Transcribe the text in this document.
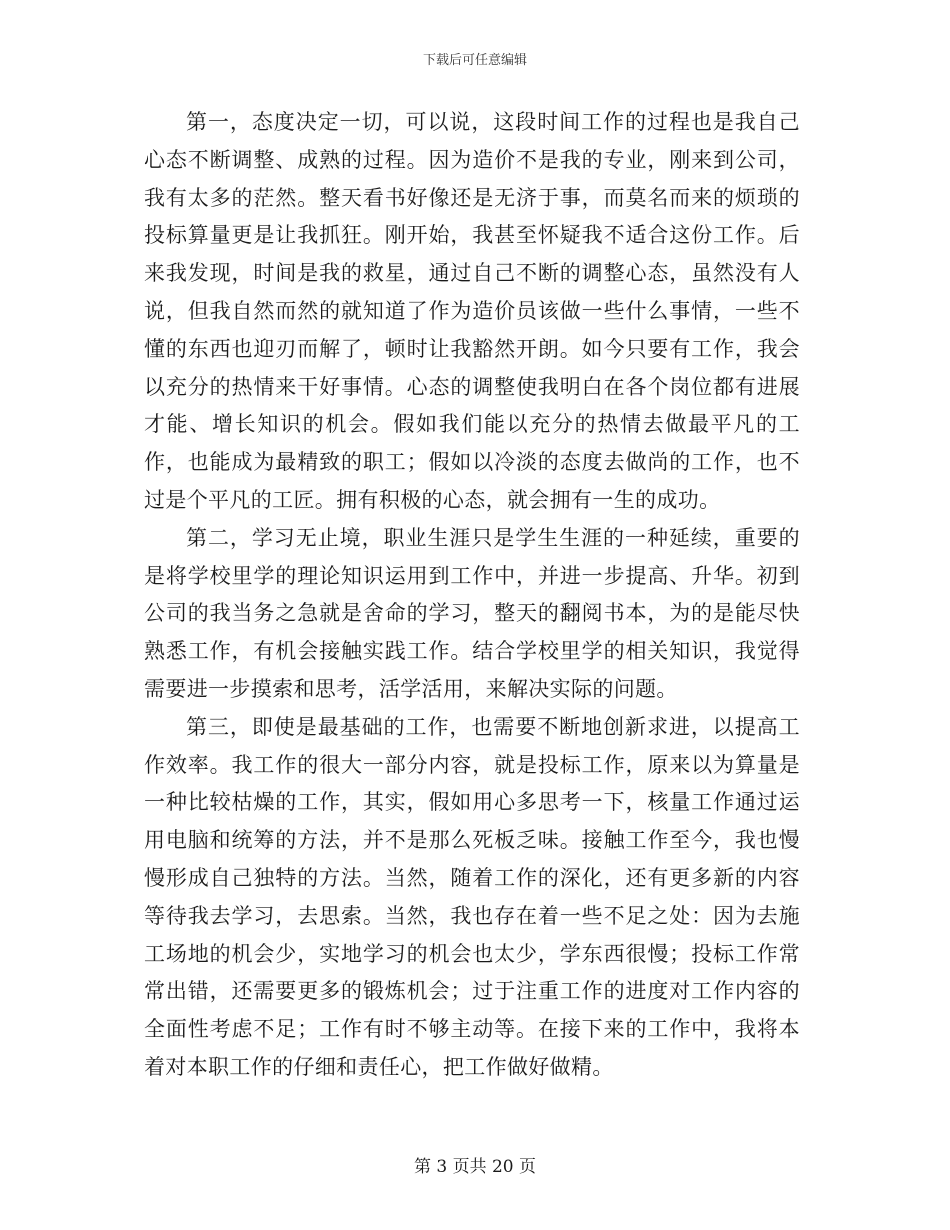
下载后可任意编辑

第一，态度决定一切，可以说，这段时间工作的过程也是我自己心态不断调整、成熟的过程。因为造价不是我的专业，刚来到公司，我有太多的茫然。整天看书好像还是无济于事，而莫名而来的烦琐的投标算量更是让我抓狂。刚开始，我甚至怀疑我不适合这份工作。后来我发现，时间是我的救星，通过自己不断的调整心态，虽然没有人说，但我自然而然的就知道了作为造价员该做一些什么事情，一些不懂的东西也迎刃而解了，顿时让我豁然开朗。如今只要有工作，我会以充分的热情来干好事情。心态的调整使我明白在各个岗位都有进展才能、增长知识的机会。假如我们能以充分的热情去做最平凡的工作，也能成为最精致的职工；假如以冷淡的态度去做尚的工作，也不过是个平凡的工匠。拥有积极的心态，就会拥有一生的成功。

第二，学习无止境，职业生涯只是学生生涯的一种延续，重要的是将学校里学的理论知识运用到工作中，并进一步提高、升华。初到公司的我当务之急就是舍命的学习，整天的翻阅书本，为的是能尽快熟悉工作，有机会接触实践工作。结合学校里学的相关知识，我觉得需要进一步摸索和思考，活学活用，来解决实际的问题。

第三，即使是最基础的工作，也需要不断地创新求进，以提高工作效率。我工作的很大一部分内容，就是投标工作，原来以为算量是一种比较枯燥的工作，其实，假如用心多思考一下，核量工作通过运用电脑和统筹的方法，并不是那么死板乏味。接触工作至今，我也慢慢形成自己独特的方法。当然，随着工作的深化，还有更多新的内容等待我去学习，去思索。当然，我也存在着一些不足之处：因为去施工场地的机会少，实地学习的机会也太少，学东西很慢；投标工作常常出错，还需要更多的锻炼机会；过于注重工作的进度对工作内容的全面性考虑不足；工作有时不够主动等。在接下来的工作中，我将本着对本职工作的仔细和责任心，把工作做好做精。

第 3 页共 20 页
